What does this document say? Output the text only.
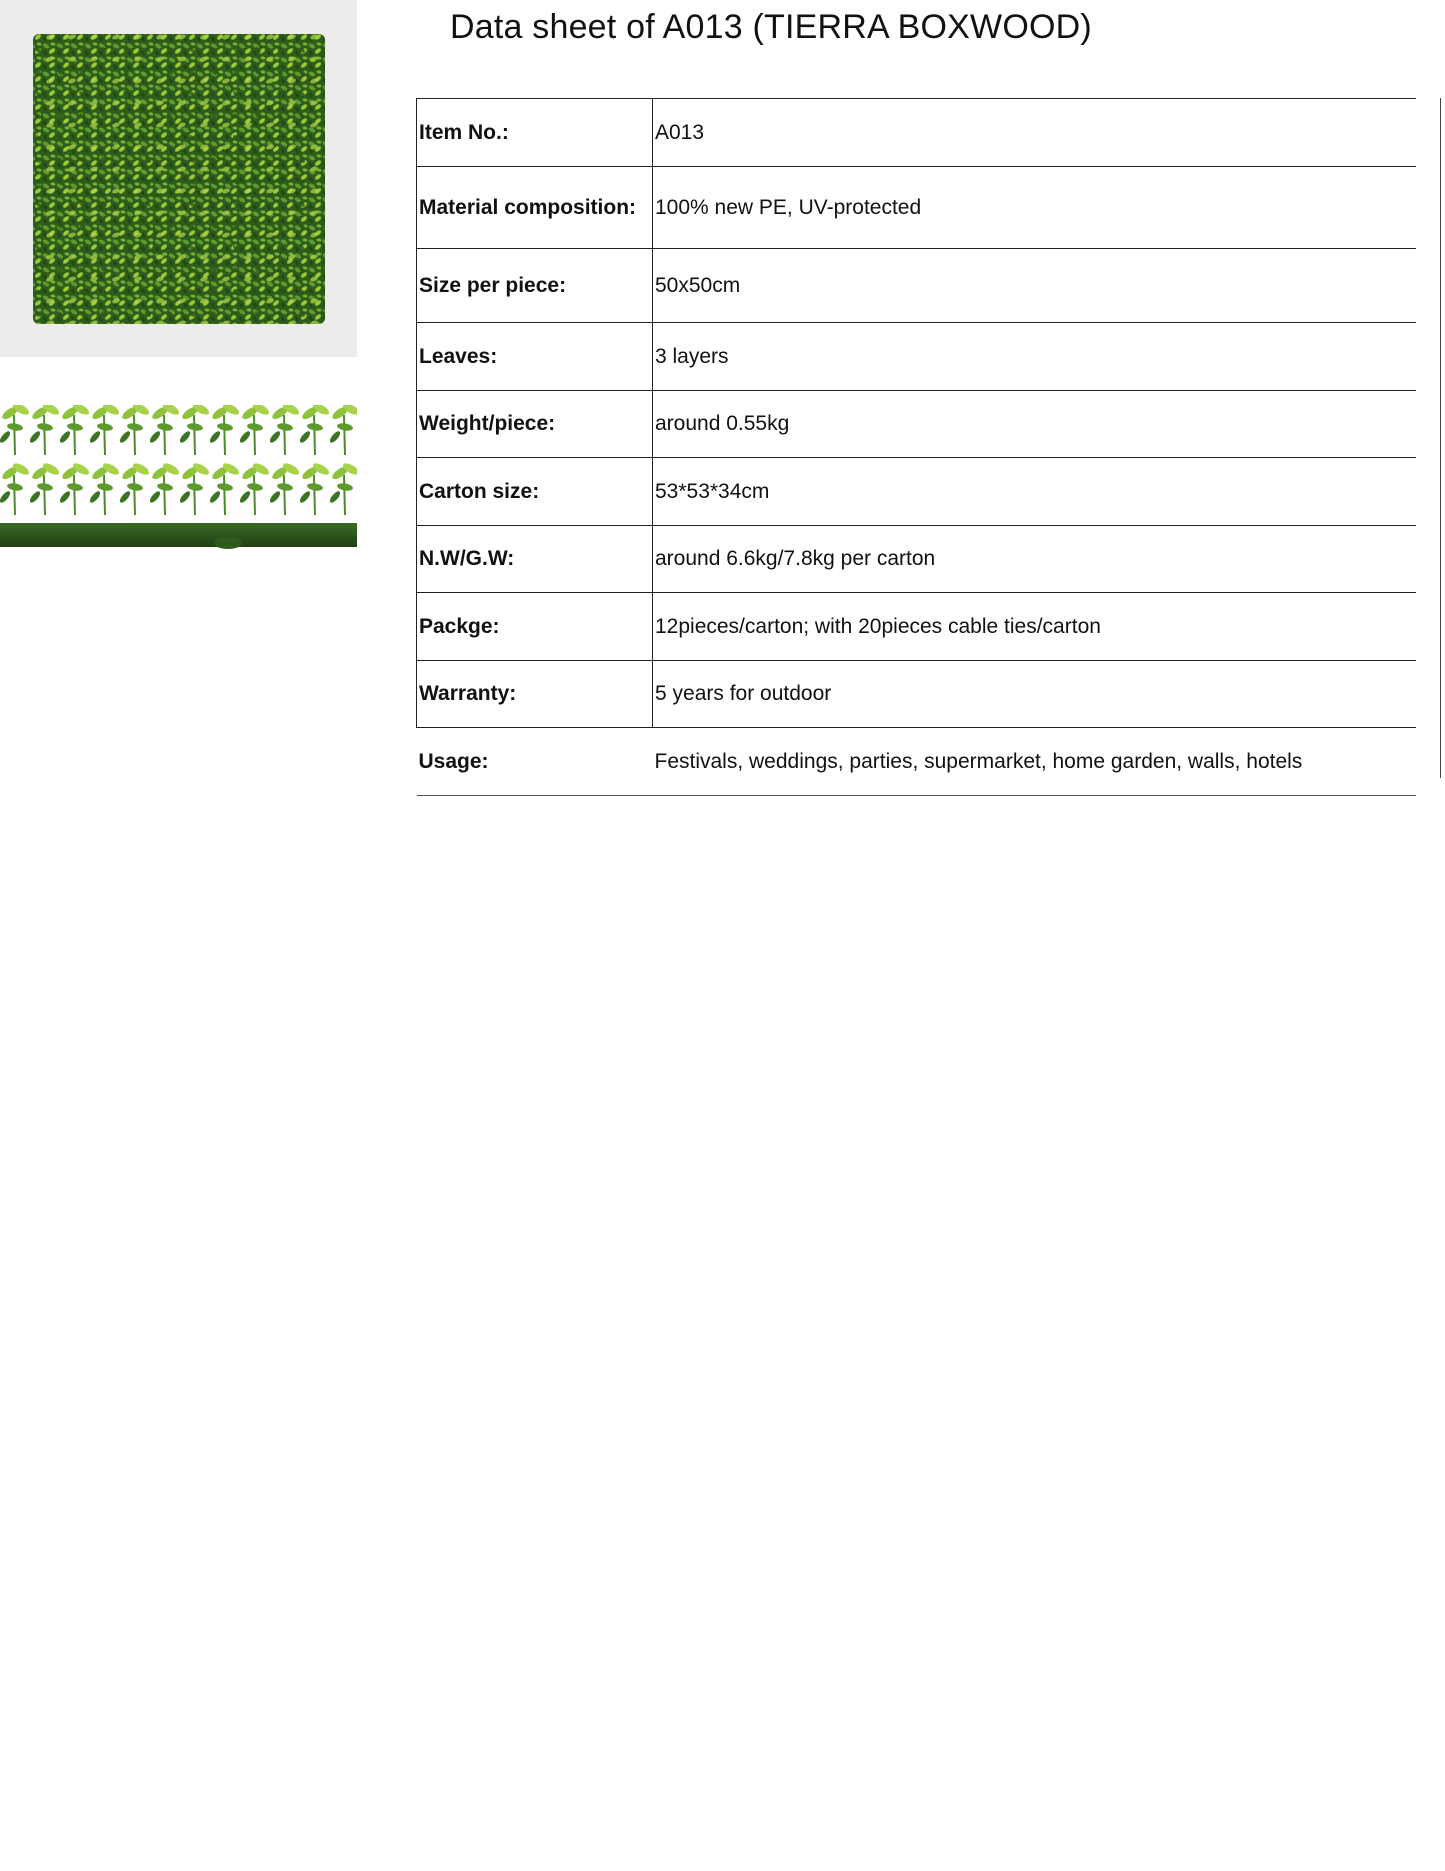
Data sheet of A013 (TIERRA BOXWOOD)
Item No.:	A013
Material composition:	100% new PE, UV-protected
Size per piece:	50x50cm
Leaves:	3 layers
Weight/piece:	around 0.55kg
Carton size:	53*53*34cm
N.W/G.W:	around 6.6kg/7.8kg per carton
Packge:	12pieces/carton; with 20pieces cable ties/carton
Warranty:	5 years for outdoor
Usage:	Festivals, weddings, parties, supermarket, home garden, walls, hotels
